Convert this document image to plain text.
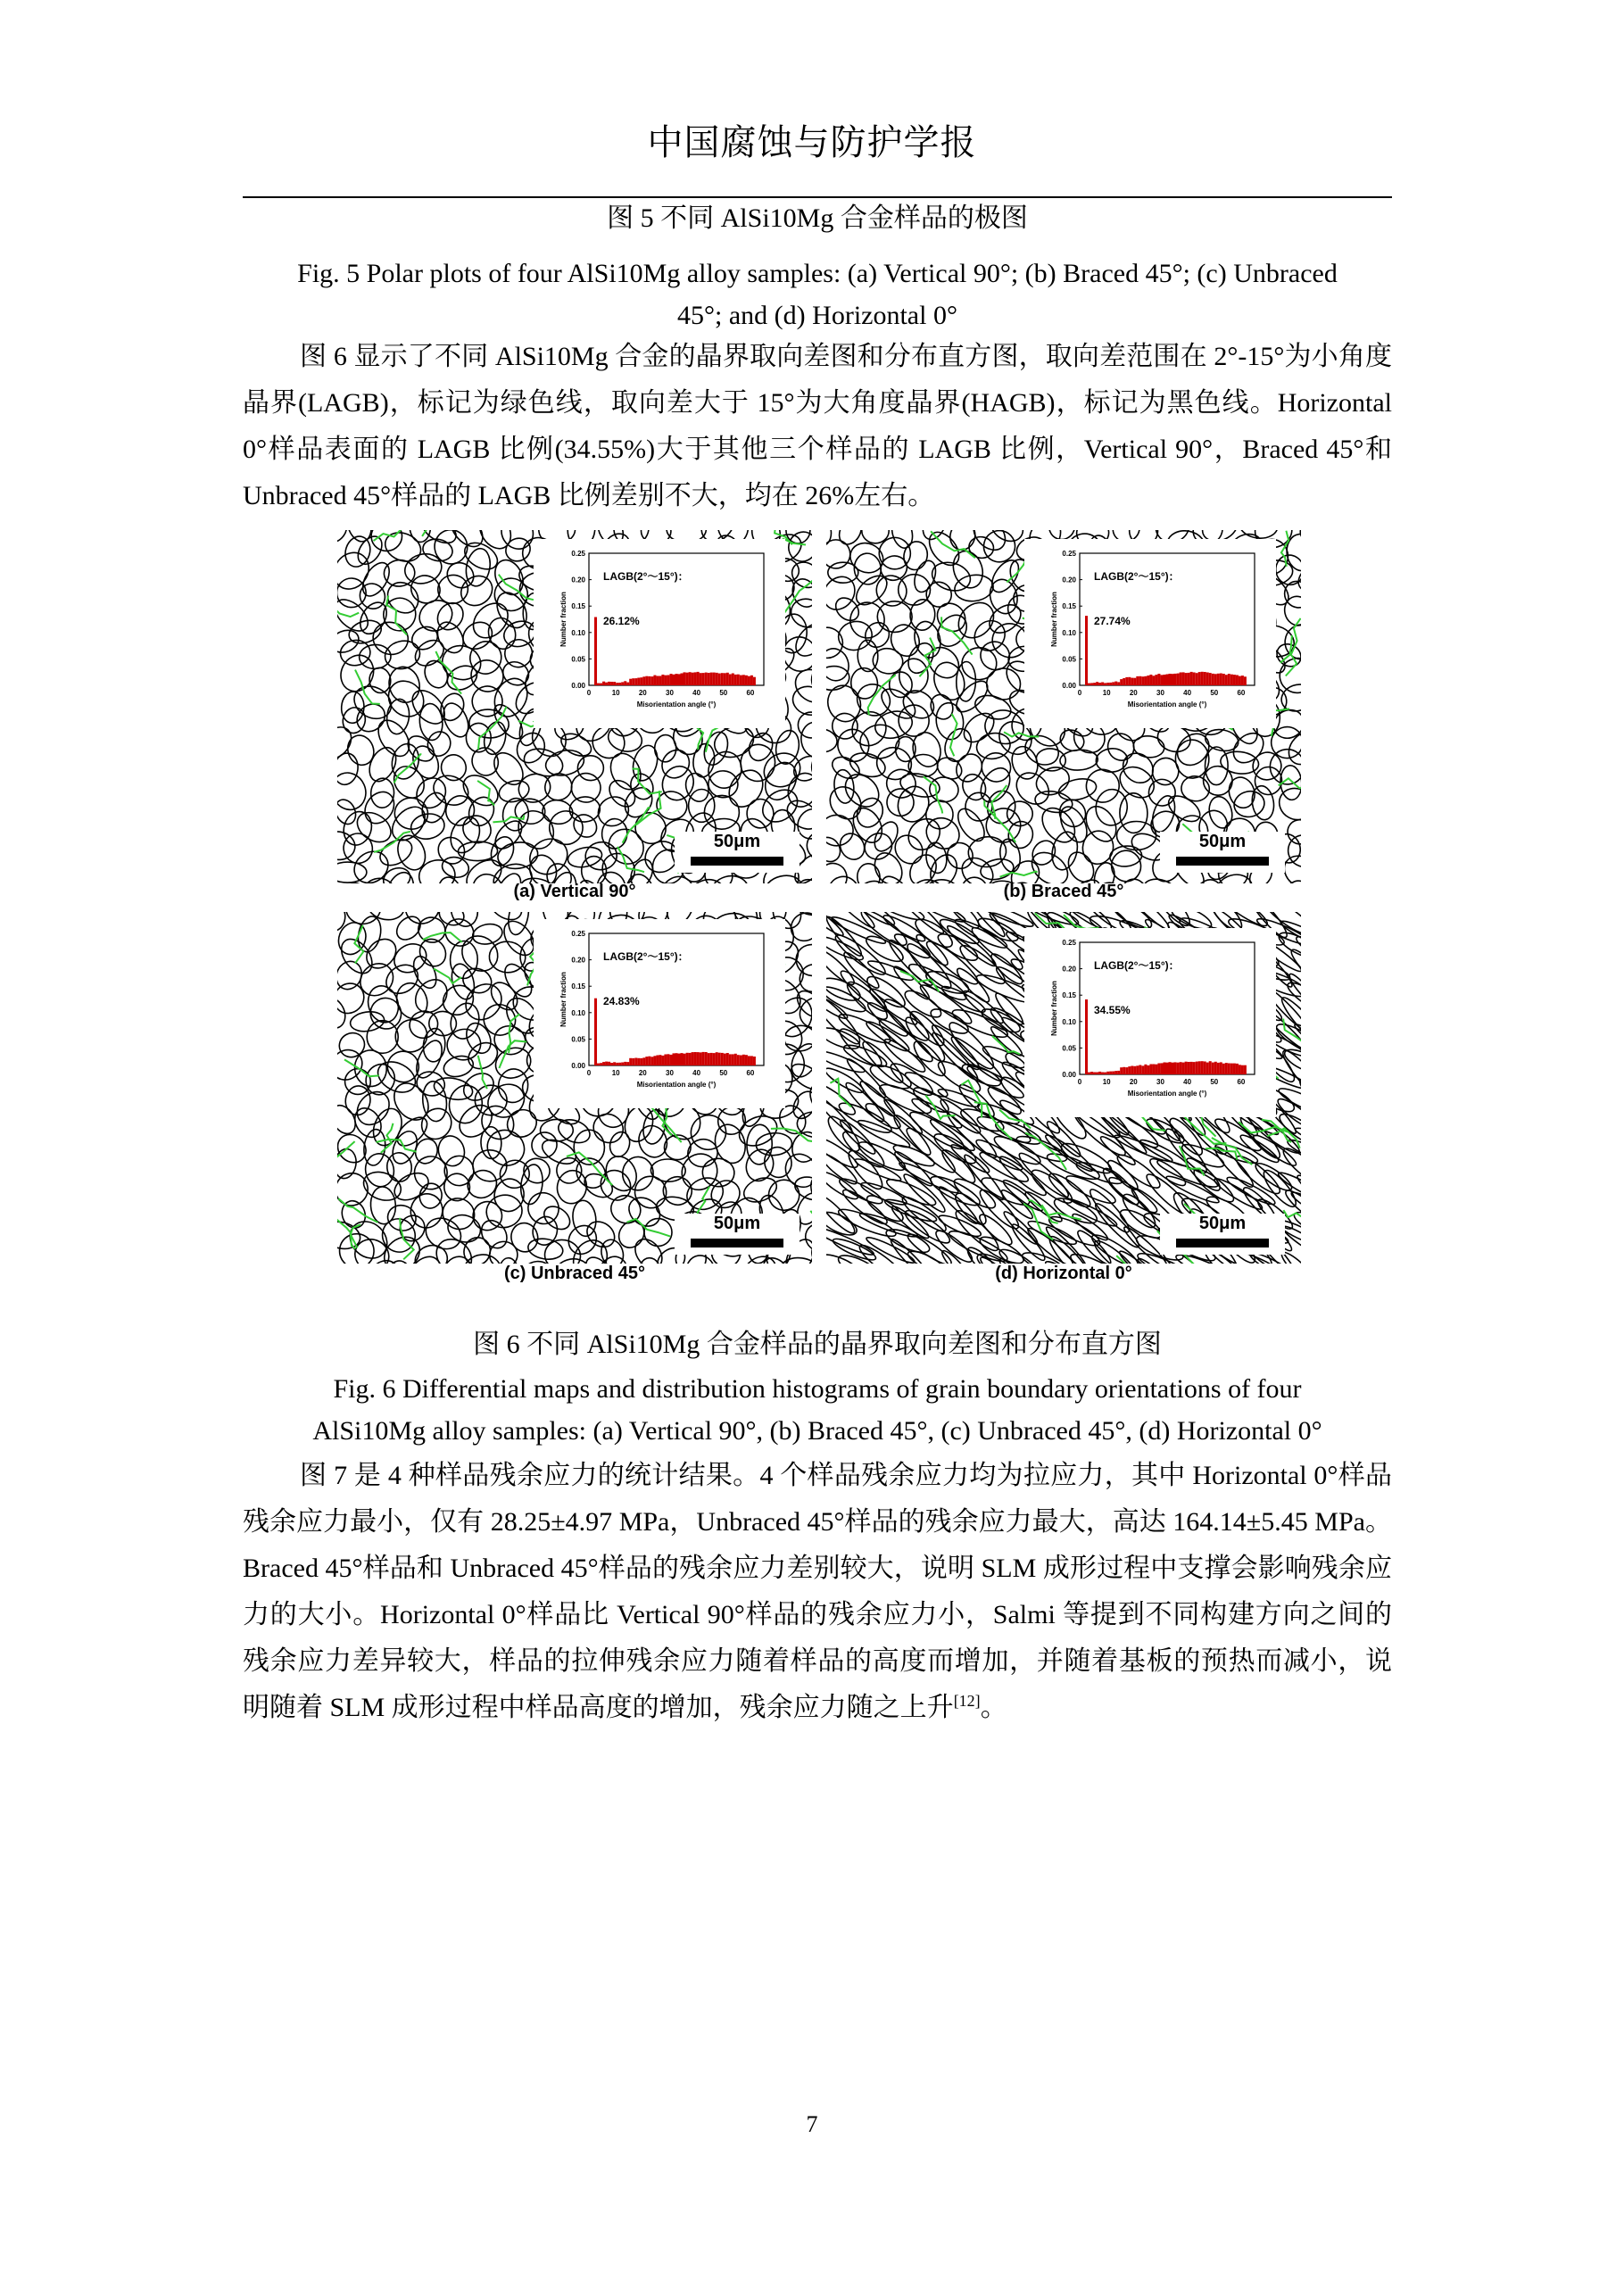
中国腐蚀与防护学报
图 5 不同 AlSi10Mg 合金样品的极图
Fig. 5 Polar plots of four AlSi10Mg alloy samples: (a) Vertical 90°; (b) Braced 45°; (c) Unbraced
45°; and (d) Horizontal 0°
图 6 显示了不同 AlSi10Mg 合金的晶界取向差图和分布直方图，取向差范围在 2°-15°为小角度晶界(LAGB)，标记为绿色线，取向差大于 15°为大角度晶界(HAGB)，标记为黑色线。Horizontal 0°样品表面的 LAGB 比例(34.55%)大于其他三个样品的 LAGB 比例，Vertical 90°，Braced 45°和 Unbraced 45°样品的 LAGB 比例差别不大，均在 26%左右。
0.25
0.20
0.15
0.10
0.05
0.00
0	10	20	30	40	50	60
Number fraction
Misorientation angle (°)
LAGB(2°～15°)：
26.12%
0.25
0.20
0.15
0.10
0.05
0.00
0	10	20	30	40	50	60
Number fraction
Misorientation angle (°)
LAGB(2°～15°)：
27.74%
0.25
0.20
0.15
0.10
0.05
0.00
0	10	20	30	40	50	60
Number fraction
Misorientation angle (°)
LAGB(2°～15°)：
24.83%
0.25
0.20
0.15
0.10
0.05
0.00
0	10	20	30	40	50	60
Number fraction
Misorientation angle (°)
LAGB(2°～15°)：
34.55%
50μm	50μm
50μm	50μm
(a) Vertical 90°	(b) Braced 45°
(c) Unbraced 45°	(d) Horizontal 0°
图 6 不同 AlSi10Mg 合金样品的晶界取向差图和分布直方图
Fig. 6 Differential maps and distribution histograms of grain boundary orientations of four
AlSi10Mg alloy samples: (a) Vertical 90°, (b) Braced 45°, (c) Unbraced 45°, (d) Horizontal 0°
图 7 是 4 种样品残余应力的统计结果。4 个样品残余应力均为拉应力，其中 Horizontal 0°样品残余应力最小，仅有 28.25±4.97 MPa，Unbraced 45°样品的残余应力最大，高达 164.14±5.45 MPa。Braced 45°样品和 Unbraced 45°样品的残余应力差别较大，说明 SLM 成形过程中支撑会影响残余应力的大小。Horizontal 0°样品比 Vertical 90°样品的残余应力小，Salmi 等提到不同构建方向之间的残余应力差异较大，样品的拉伸残余应力随着样品的高度而增加，并随着基板的预热而减小，说明随着 SLM 成形过程中样品高度的增加，残余应力随之上升[12]。
7
